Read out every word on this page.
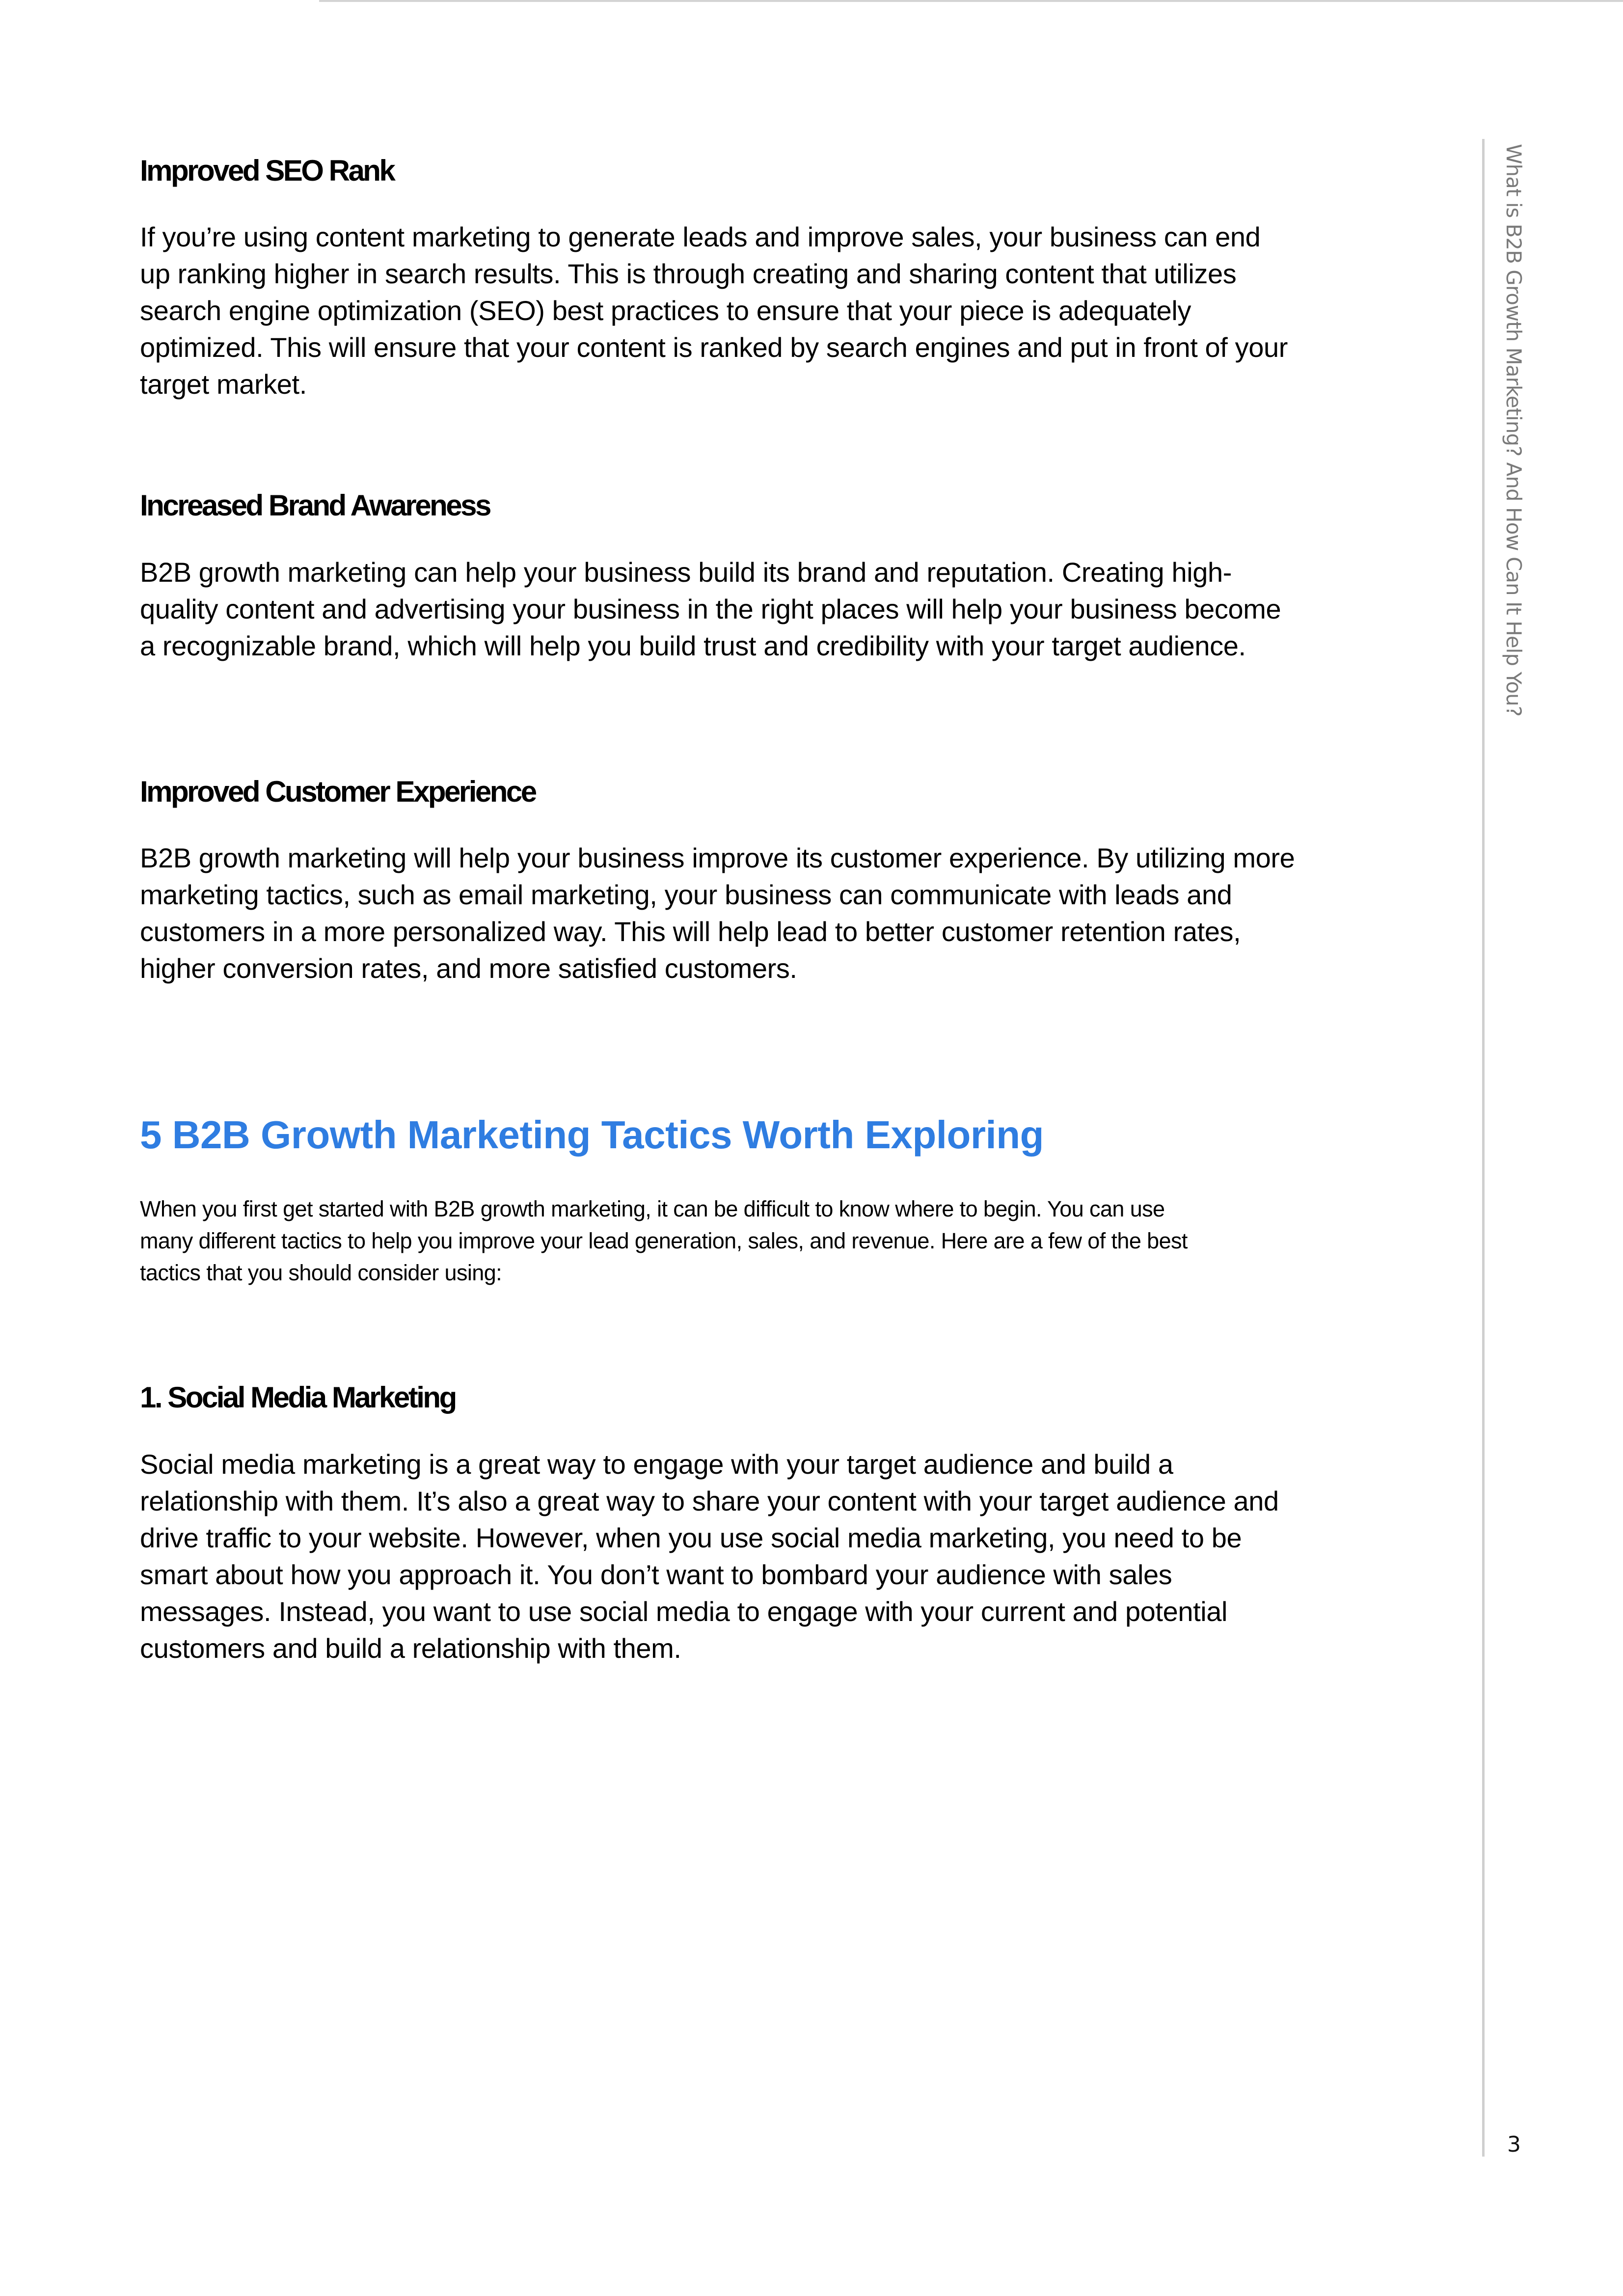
What is B2B Growth Marketing? And How Can It Help You?
3
Improved SEO Rank
If you’re using content marketing to generate leads and improve sales, your business can end
up ranking higher in search results. This is through creating and sharing content that utilizes
search engine optimization (SEO) best practices to ensure that your piece is adequately
optimized. This will ensure that your content is ranked by search engines and put in front of your
target market.
Increased Brand Awareness
B2B growth marketing can help your business build its brand and reputation. Creating high-
quality content and advertising your business in the right places will help your business become
a recognizable brand, which will help you build trust and credibility with your target audience.
Improved Customer Experience
B2B growth marketing will help your business improve its customer experience. By utilizing more
marketing tactics, such as email marketing, your business can communicate with leads and
customers in a more personalized way. This will help lead to better customer retention rates,
higher conversion rates, and more satisfied customers.
5 B2B Growth Marketing Tactics Worth Exploring
When you first get started with B2B growth marketing, it can be difficult to know where to begin. You can use
many different tactics to help you improve your lead generation, sales, and revenue. Here are a few of the best
tactics that you should consider using:
1. Social Media Marketing
Social media marketing is a great way to engage with your target audience and build a
relationship with them. It’s also a great way to share your content with your target audience and
drive traffic to your website. However, when you use social media marketing, you need to be
smart about how you approach it. You don’t want to bombard your audience with sales
messages. Instead, you want to use social media to engage with your current and potential
customers and build a relationship with them.
